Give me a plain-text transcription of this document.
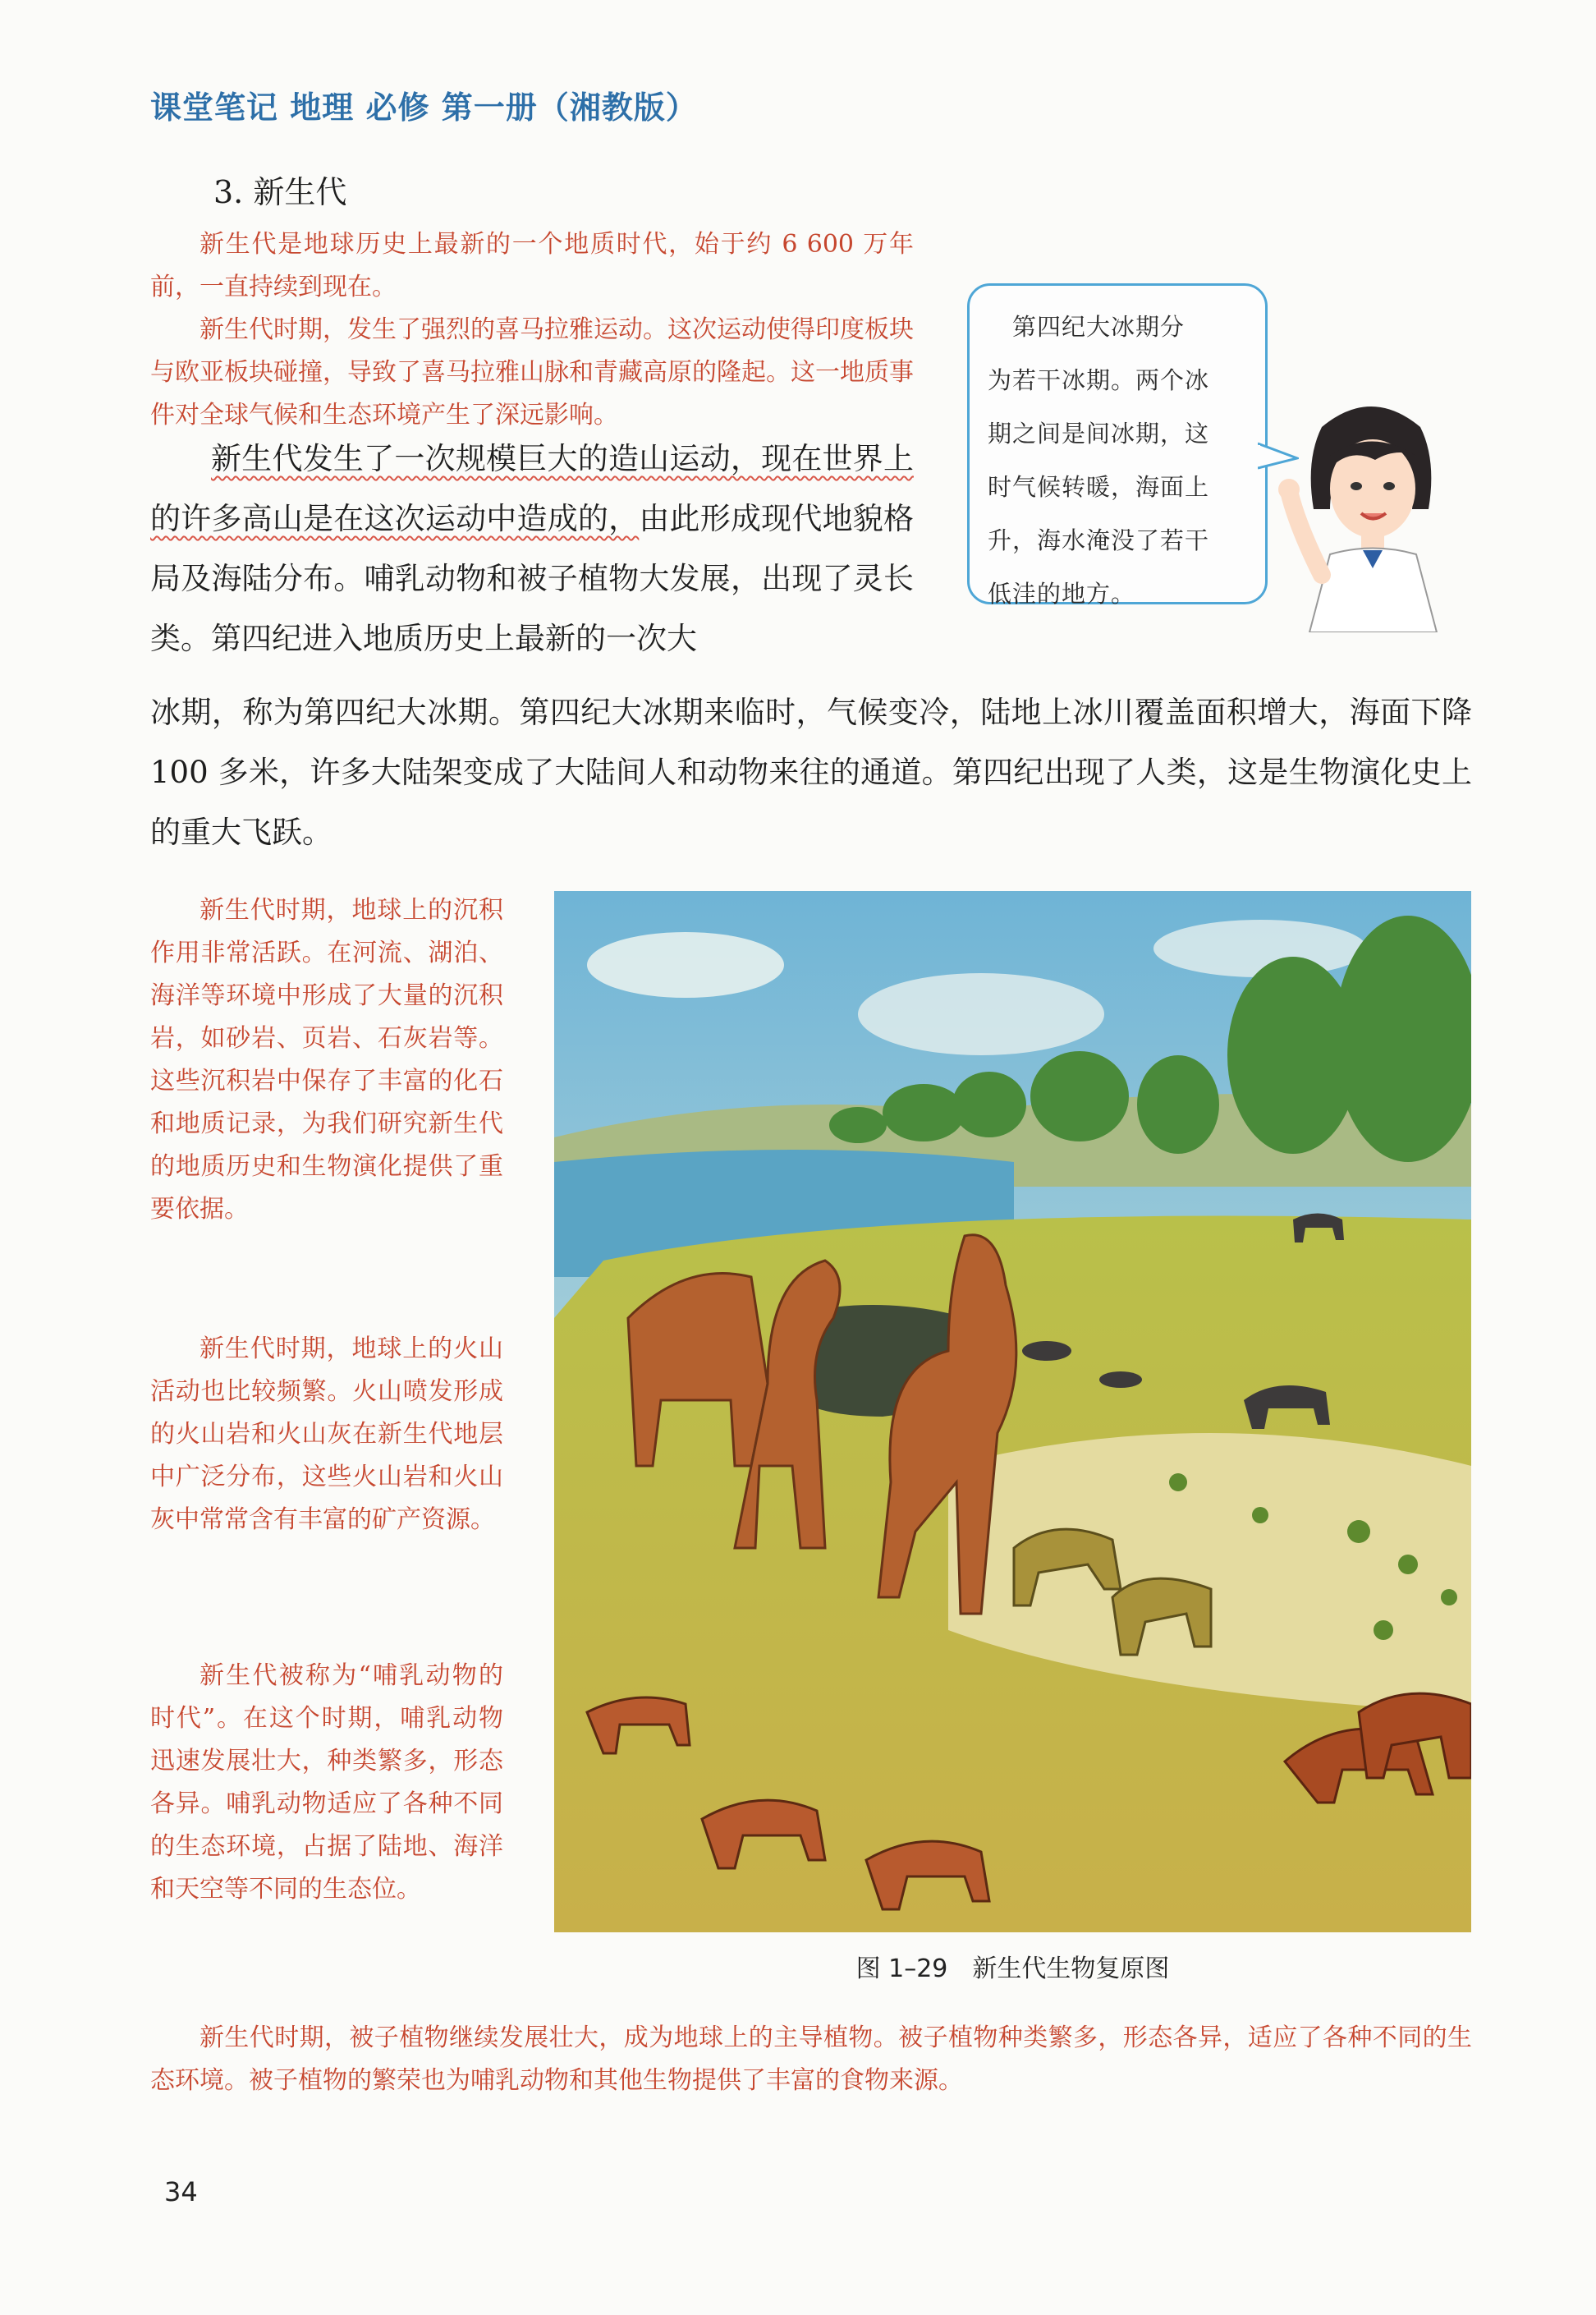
课堂笔记 地理 必修 第一册（湘教版）
3. 新生代

新生代是地球历史上最新的一个地质时代，始于约 6 600 万年前，一直持续到现在。

新生代时期，发生了强烈的喜马拉雅运动。这次运动使得印度板块与欧亚板块碰撞，导致了喜马拉雅山脉和青藏高原的隆起。这一地质事件对全球气候和生态环境产生了深远影响。

新生代发生了一次规模巨大的造山运动，现在世界上的许多高山是在这次运动中造成的，由此形成现代地貌格局及海陆分布。哺乳动物和被子植物大发展，出现了灵长类。第四纪进入地质历史上最新的一次大
冰期，称为第四纪大冰期。第四纪大冰期来临时，气候变冷，陆地上冰川覆盖面积增大，海面下降 100 多米，许多大陆架变成了大陆间人和动物来往的通道。第四纪出现了人类，这是生物演化史上的重大飞跃。
　第四纪大冰期分
为若干冰期。两个冰
期之间是间冰期，这
时气候转暖，海面上
升，海水淹没了若干
低洼的地方。

新生代时期，地球上的沉积作用非常活跃。在河流、湖泊、海洋等环境中形成了大量的沉积岩，如砂岩、页岩、石灰岩等。这些沉积岩中保存了丰富的化石和地质记录，为我们研究新生代的地质历史和生物演化提供了重要依据。

新生代时期，地球上的火山活动也比较频繁。火山喷发形成的火山岩和火山灰在新生代地层中广泛分布，这些火山岩和火山灰中常常含有丰富的矿产资源。

新生代被称为“哺乳动物的时代”。在这个时期，哺乳动物迅速发展壮大，种类繁多，形态各异。哺乳动物适应了各种不同的生态环境，占据了陆地、海洋和天空等不同的生态位。

图 1–29　新生代生物复原图

新生代时期，被子植物继续发展壮大，成为地球上的主导植物。被子植物种类繁多，形态各异，适应了各种不同的生态环境。被子植物的繁荣也为哺乳动物和其他生物提供了丰富的食物来源。

34
